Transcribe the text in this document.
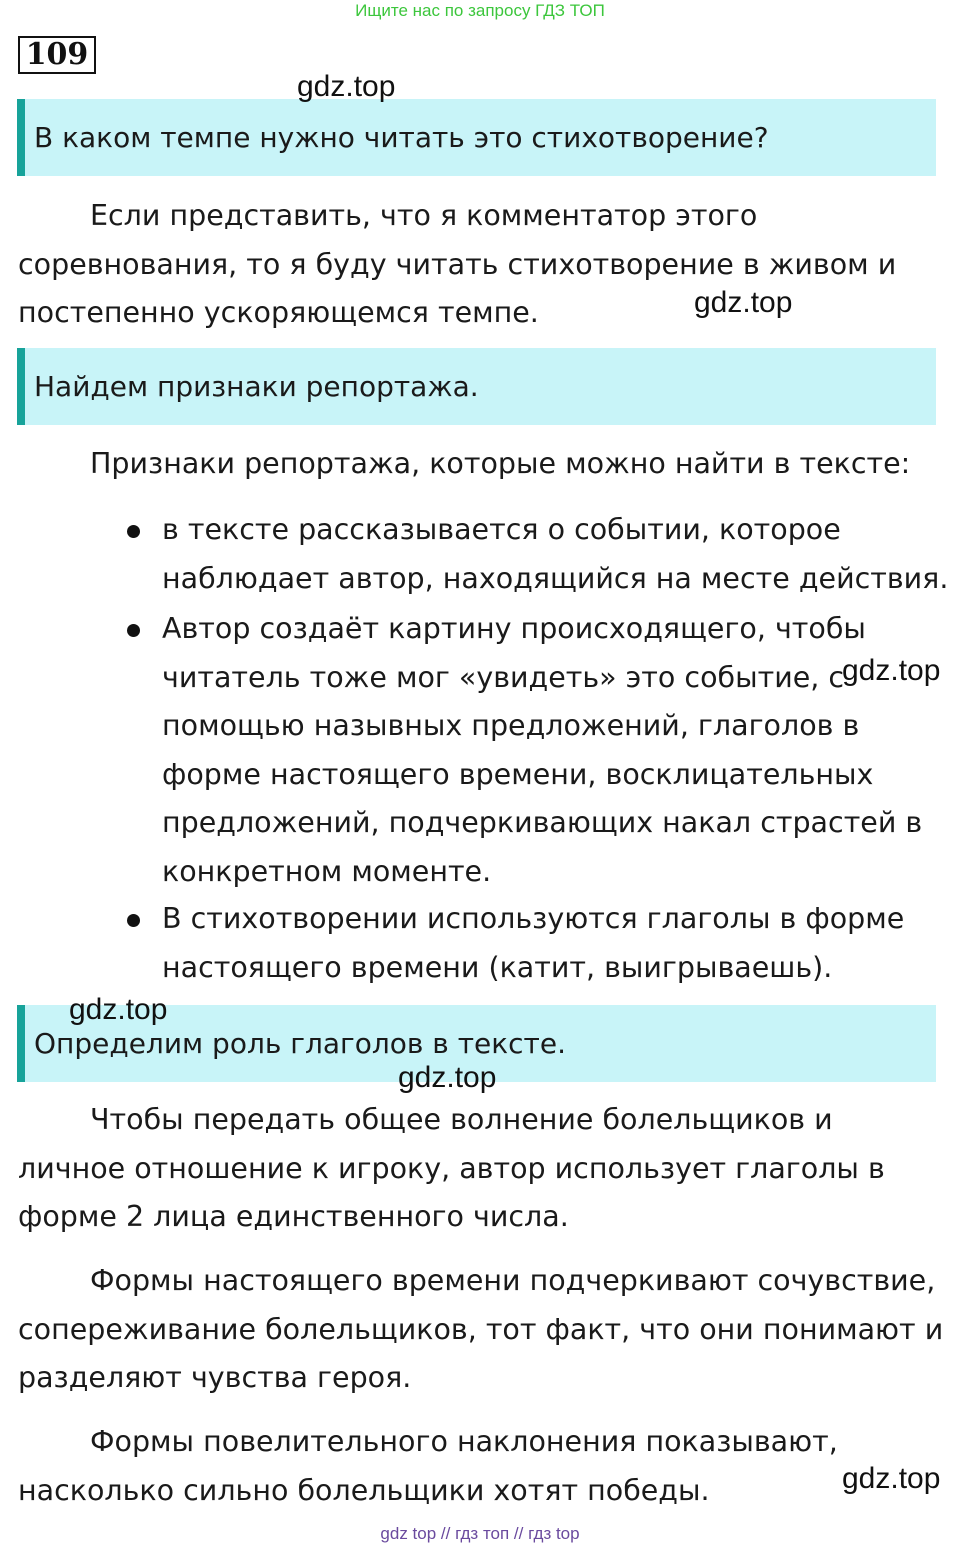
Ищите нас по запросу ГДЗ ТОП
109
gdz.top
В каком темпе нужно читать это стихотворение?
Если представить, что я комментатор этого
соревнования, то я буду читать стихотворение в живом и
постепенно ускоряющемся темпе.	gdz.top
Найдем признаки репортажа.
Признаки репортажа, которые можно найти в тексте:
в тексте рассказывается о событии, которое
наблюдает автор, находящийся на месте действия.
Автор создаёт картину происходящего, чтобы
читатель тоже мог «увидеть» это событие, с
помощью назывных предложений, глаголов в
форме настоящего времени, восклицательных
предложений, подчеркивающих накал страстей в
конкретном моменте.
gdz.top
В стихотворении используются глаголы в форме
настоящего времени (катит, выигрываешь).
Определим роль глаголов в тексте.
gdz.top
gdz.top
Чтобы передать общее волнение болельщиков и
личное отношение к игроку, автор использует глаголы в
форме 2 лица единственного числа.
Формы настоящего времени подчеркивают сочувствие,
сопереживание болельщиков, тот факт, что они понимают и
разделяют чувства героя.
Формы повелительного наклонения показывают,
насколько сильно болельщики хотят победы.	gdz.top
gdz top // гдз топ // гдз top
